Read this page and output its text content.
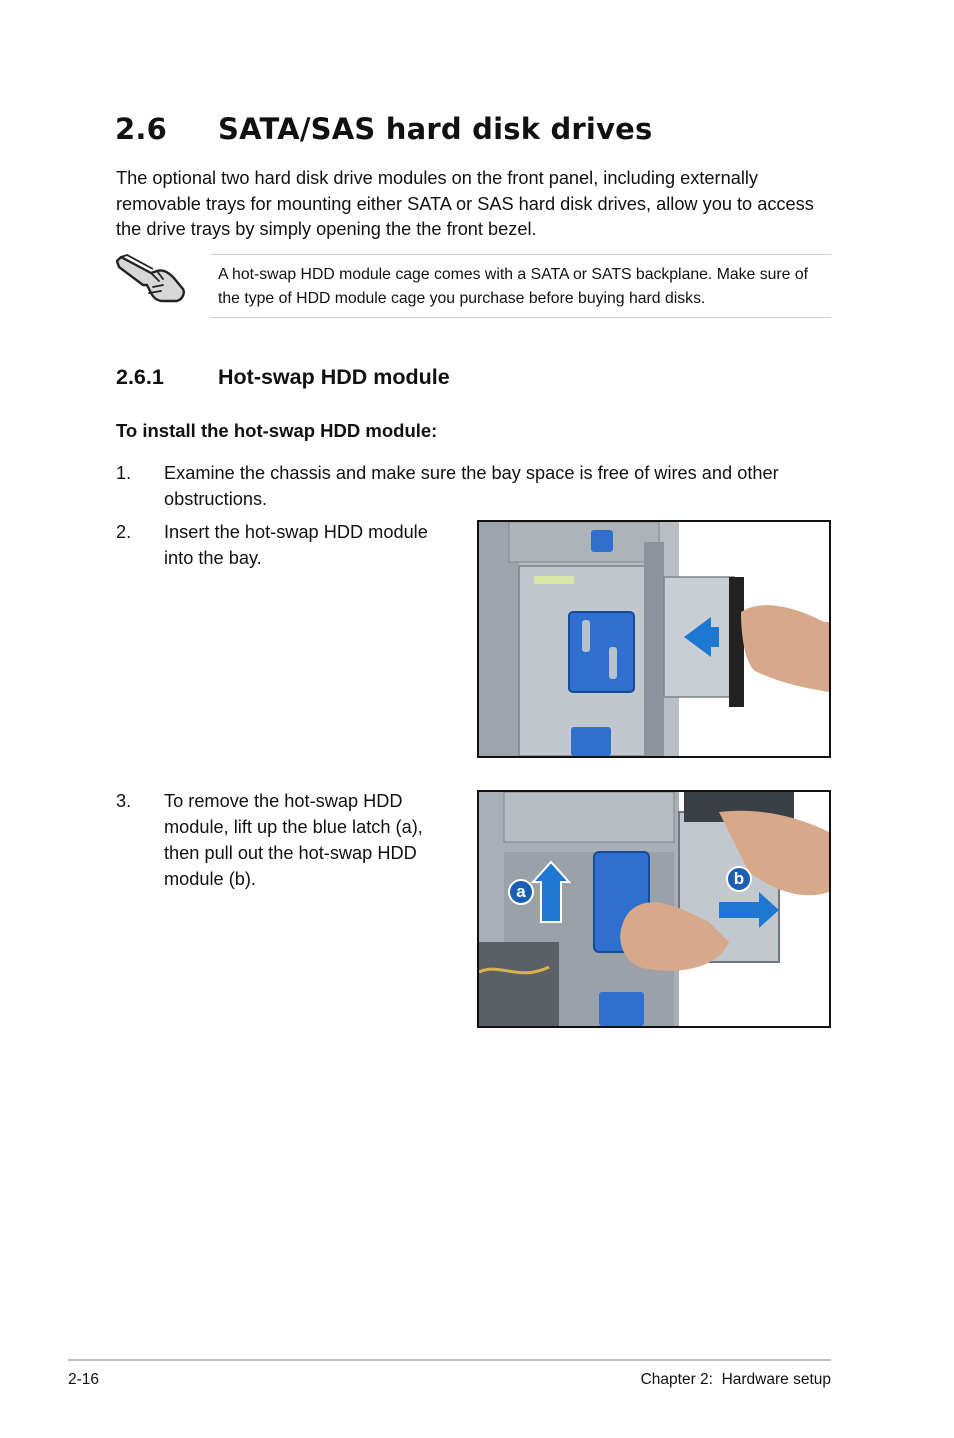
2.6 SATA/SAS hard disk drives

The optional two hard disk drive modules on the front panel, including externally removable trays for mounting either SATA or SAS hard disk drives, allow you to access the drive trays by simply opening the the front bezel.

A hot-swap HDD module cage comes with a SATA or SATS backplane. Make sure of the type of HDD module cage you purchase before buying hard disks.

2.6.1	Hot-swap HDD module
To install the hot-swap HDD module:
1. Examine the chassis and make sure the bay space is free of wires and other obstructions.

2. Insert the hot-swap HDD module into the bay.

3. To remove the hot-swap HDD module, lift up the blue latch (a), then pull out the hot-swap HDD module (b).

a
b
2-16	Chapter 2:  Hardware setup
